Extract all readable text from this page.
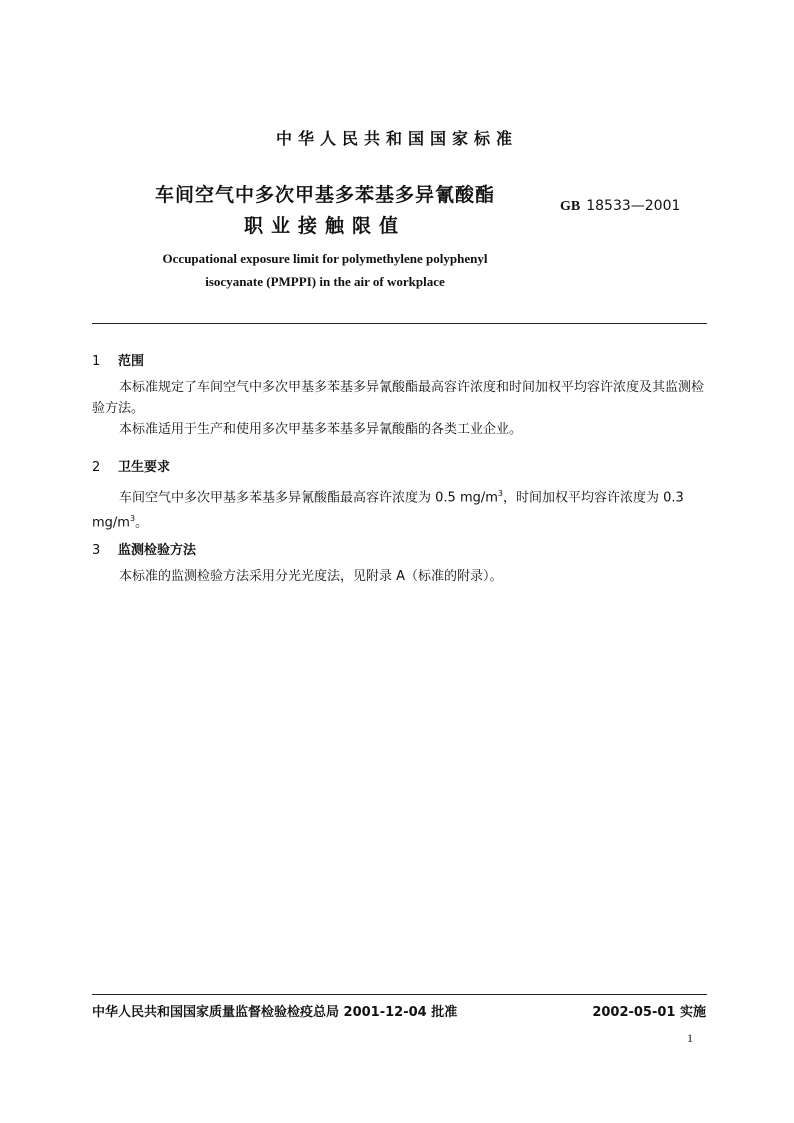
中华人民共和国国家标准
车间空气中多次甲基多苯基多异氰酸酯
职业接触限值
GB 18533—2001
Occupational exposure limit for polymethylene polyphenyl
isocyanate (PMPPI) in the air of workplace
1 范围
本标准规定了车间空气中多次甲基多苯基多异氰酸酯最高容许浓度和时间加权平均容许浓度及其监测检验方法。
本标准适用于生产和使用多次甲基多苯基多异氰酸酯的各类工业企业。
2 卫生要求
车间空气中多次甲基多苯基多异氰酸酯最高容许浓度为 0.5 $mg/m^3$，时间加权平均容许浓度为 0.3 $mg/m^3$。
3 监测检验方法
本标准的监测检验方法采用分光光度法，见附录 A（标准的附录）。
中华人民共和国国家质量监督检验检疫总局 2001-12-04 批准	2002-05-01 实施
1
